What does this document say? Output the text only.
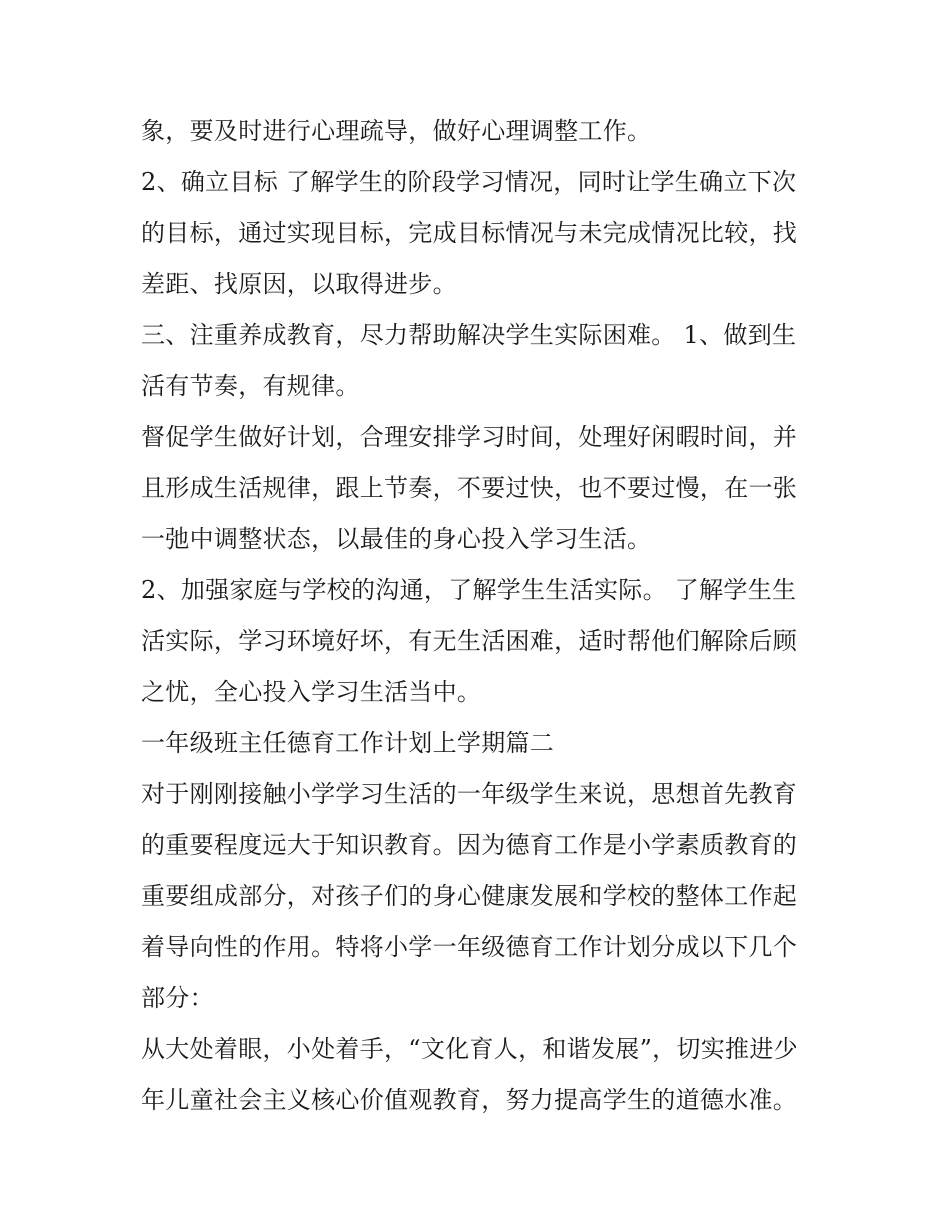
象，要及时进行心理疏导，做好心理调整工作。
2、确立目标 了解学生的阶段学习情况，同时让学生确立下次
的目标，通过实现目标，完成目标情况与未完成情况比较，找
差距、找原因，以取得进步。
三、注重养成教育，尽力帮助解决学生实际困难。 1、做到生
活有节奏，有规律。
督促学生做好计划，合理安排学习时间，处理好闲暇时间，并
且形成生活规律，跟上节奏，不要过快，也不要过慢，在一张
一弛中调整状态，以最佳的身心投入学习生活。
2、加强家庭与学校的沟通，了解学生生活实际。 了解学生生
活实际，学习环境好坏，有无生活困难，适时帮他们解除后顾
之忧，全心投入学习生活当中。
一年级班主任德育工作计划上学期篇二
对于刚刚接触小学学习生活的一年级学生来说，思想首先教育
的重要程度远大于知识教育。因为德育工作是小学素质教育的
重要组成部分，对孩子们的身心健康发展和学校的整体工作起
着导向性的作用。特将小学一年级德育工作计划分成以下几个
部分：
从大处着眼，小处着手，“文化育人，和谐发展”，切实推进少
年儿童社会主义核心价值观教育，努力提高学生的道德水准。
